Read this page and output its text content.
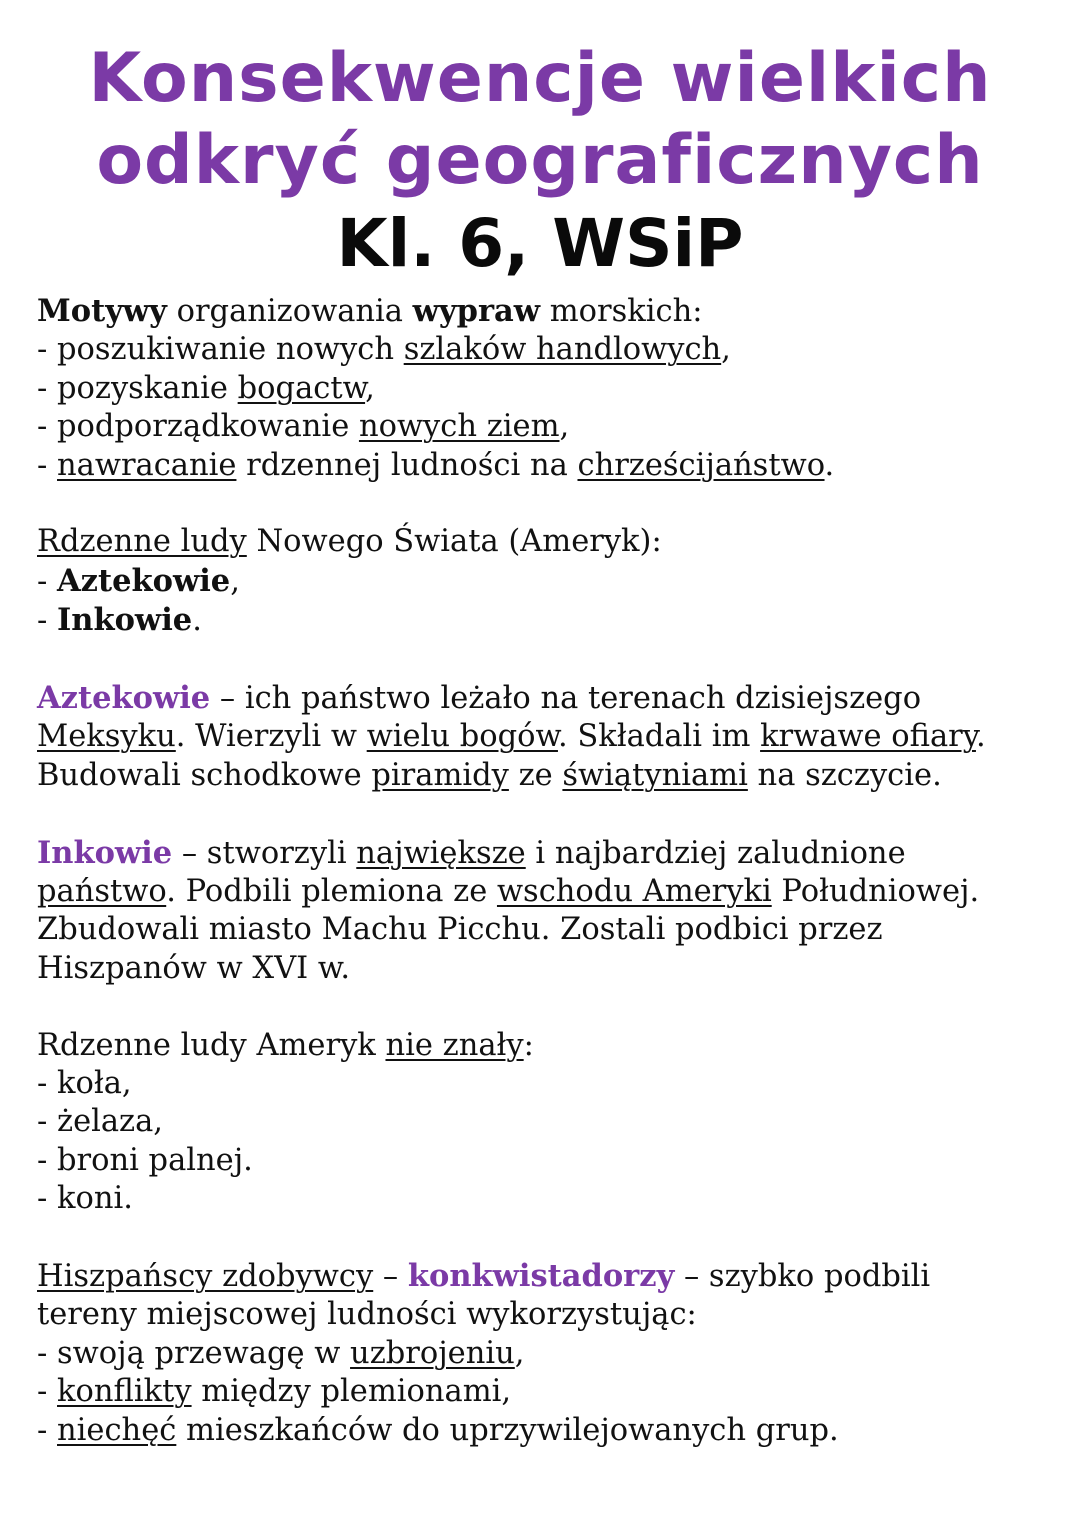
Konsekwencje wielkich
odkryć geograficznych
Kl. 6, WSiP

Motywy organizowania wypraw morskich:

- poszukiwanie nowych szlaków handlowych,

- pozyskanie bogactw,

- podporządkowanie nowych ziem,

- nawracanie rdzennej ludności na chrześcijaństwo.

Rdzenne ludy Nowego Świata (Ameryk):

- Aztekowie,

- Inkowie.

Aztekowie – ich państwo leżało na terenach dzisiejszego

Meksyku. Wierzyli w wielu bogów. Składali im krwawe ofiary.

Budowali schodkowe piramidy ze świątyniami na szczycie.

Inkowie – stworzyli największe i najbardziej zaludnione

państwo. Podbili plemiona ze wschodu Ameryki Południowej.

Zbudowali miasto Machu Picchu. Zostali podbici przez

Hiszpanów w XVI w.

Rdzenne ludy Ameryk nie znały:

- koła,

- żelaza,

- broni palnej.

- koni.

Hiszpańscy zdobywcy – konkwistadorzy – szybko podbili

tereny miejscowej ludności wykorzystując:

- swoją przewagę w uzbrojeniu,

- konflikty między plemionami,

- niechęć mieszkańców do uprzywilejowanych grup.
